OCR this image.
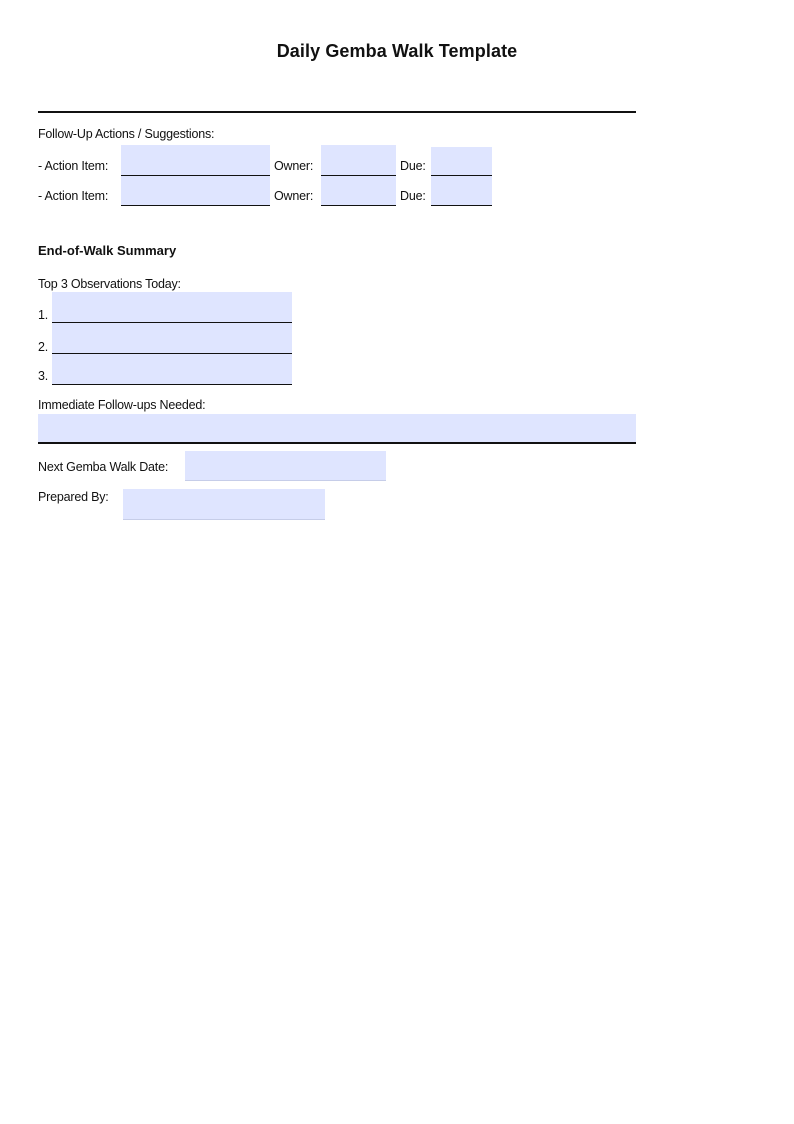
Daily Gemba Walk Template
Follow-Up Actions / Suggestions:
- Action Item:	Owner:	Due:
- Action Item:	Owner:	Due:
End-of-Walk Summary
Top 3 Observations Today:
1.
2.
3.
Immediate Follow-ups Needed:
Next Gemba Walk Date:
Prepared By:
